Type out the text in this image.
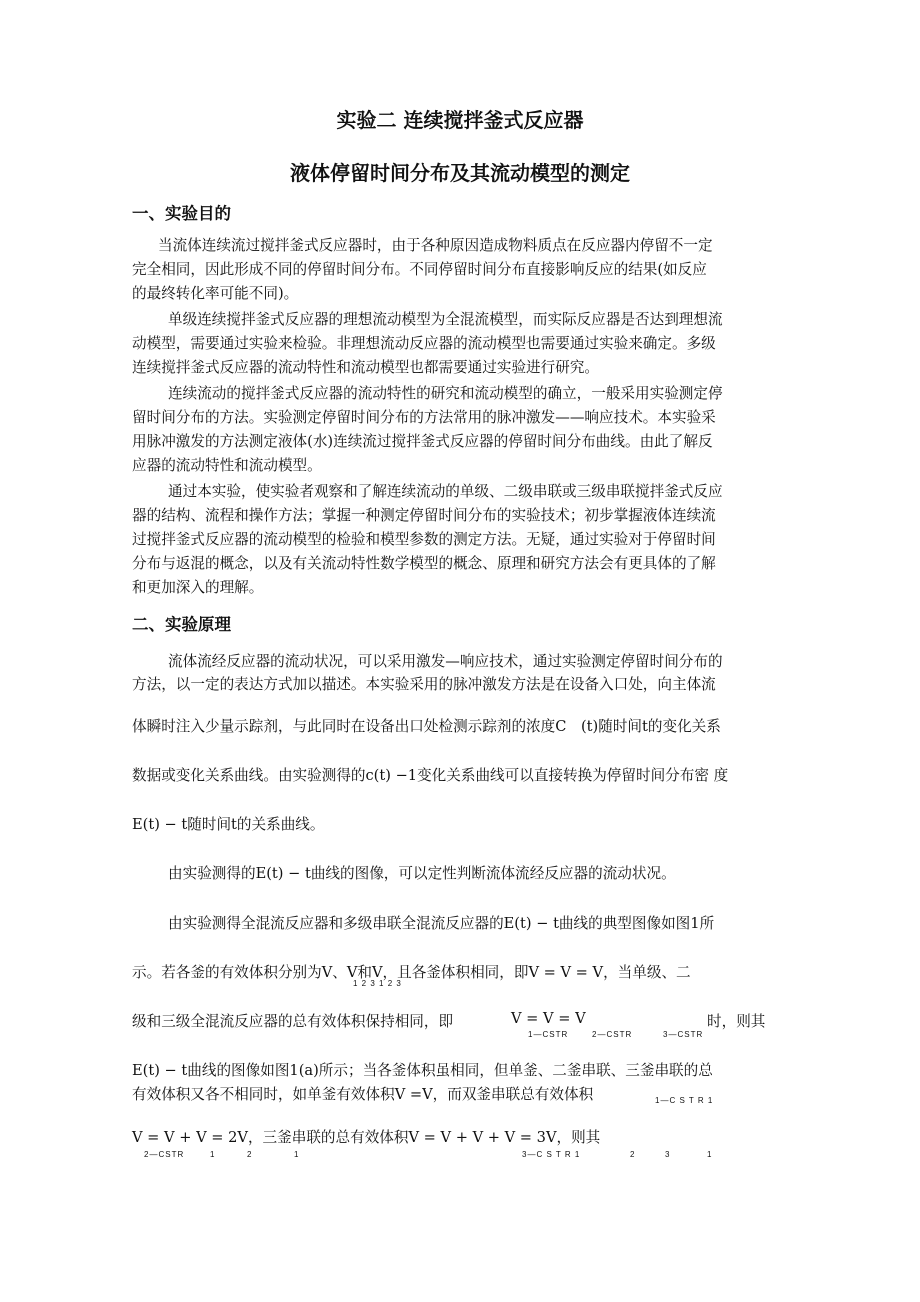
实验二 连续搅拌釜式反应器
液体停留时间分布及其流动模型的测定
一、实验目的
当流体连续流过搅拌釜式反应器时，由于各种原因造成物料质点在反应器内停留不一定
完全相同，因此形成不同的停留时间分布。不同停留时间分布直接影响反应的结果(如反应
的最终转化率可能不同)。
单级连续搅拌釜式反应器的理想流动模型为全混流模型，而实际反应器是否达到理想流
动模型，需要通过实验来检验。非理想流动反应器的流动模型也需要通过实验来确定。多级
连续搅拌釜式反应器的流动特性和流动模型也都需要通过实验进行研究。
连续流动的搅拌釜式反应器的流动特性的研究和流动模型的确立，一般采用实验测定停
留时间分布的方法。实验测定停留时间分布的方法常用的脉冲激发——响应技术。本实验采
用脉冲激发的方法测定液体(水)连续流过搅拌釜式反应器的停留时间分布曲线。由此了解反
应器的流动特性和流动模型。
通过本实验，使实验者观察和了解连续流动的单级、二级串联或三级串联搅拌釜式反应
器的结构、流程和操作方法；掌握一种测定停留时间分布的实验技术；初步掌握液体连续流
过搅拌釜式反应器的流动模型的检验和模型参数的测定方法。无疑，通过实验对于停留时间
分布与返混的概念，以及有关流动特性数学模型的概念、原理和研究方法会有更具体的了解
和更加深入的理解。
二、实验原理
流体流经反应器的流动状况，可以采用激发—响应技术，通过实验测定停留时间分布的
方法，以一定的表达方式加以描述。本实验采用的脉冲激发方法是在设备入口处，向主体流
体瞬时注入少量示踪剂，与此同时在设备出口处检测示踪剂的浓度C　(t)随时间t的变化关系
数据或变化关系曲线。由实验测得的c(t) −1变化关系曲线可以直接转换为停留时间分布密 度
E(t) − t随时间t的关系曲线。
由实验测得的E(t) − t曲线的图像，可以定性判断流体流经反应器的流动状况。
由实验测得全混流反应器和多级串联全混流反应器的E(t) − t曲线的典型图像如图1所
示。若各釜的有效体积分别为V、V和V，且各釜体积相同，即V = V = V，当单级、二
1 2 3 1 2 3
级和三级全混流反应器的总有效体积保持相同，即	V = V = V	时，则其
1—CSTR	2—CSTR	3—CSTR
E(t) − t曲线的图像如图1(a)所示；当各釜体积虽相同，但单釜、二釜串联、三釜串联的总
有效体积又各不相同时，如单釜有效体积V =V，而双釜串联总有效体积	1—C S T R 1
V = V + V = 2V，三釜串联的总有效体积V = V + V + V = 3V，则其
2—CSTR	1	2	1	3—C S T R 1	2	3	1
